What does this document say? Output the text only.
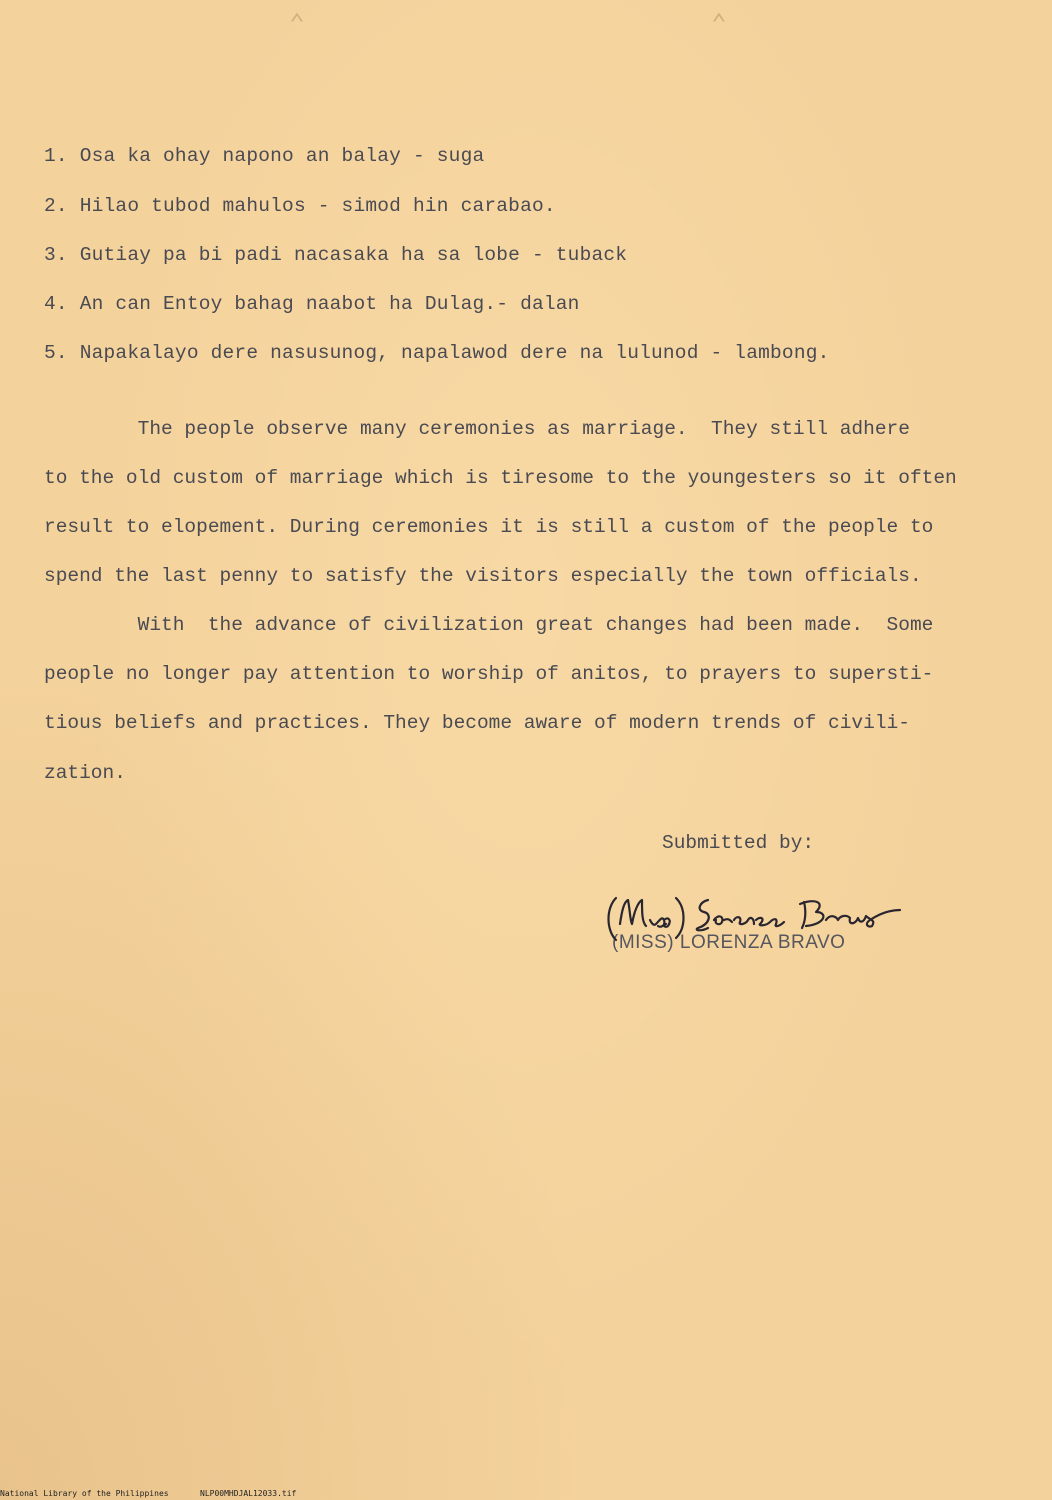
⌃	⌃
1. Osa ka ohay napono an balay - suga
2. Hilao tubod mahulos - simod hin carabao.
3. Gutiay pa bi padi nacasaka ha sa lobe - tuback
4. An can Entoy bahag naabot ha Dulag.- dalan
5. Napakalayo dere nasusunog, napalawod dere na lulunod - lambong.
The people observe many ceremonies as marriage.  They still adhere
to the old custom of marriage which is tiresome to the youngesters so it often
result to elopement. During ceremonies it is still a custom of the people to
spend the last penny to satisfy the visitors especially the town officials.
With  the advance of civilization great changes had been made.  Some
people no longer pay attention to worship of anitos, to prayers to supersti-
tious beliefs and practices. They become aware of modern trends of civili-
zation.
Submitted by:
(MISS) LORENZA BRAVO
National Library of the Philippines	NLP00MHDJAL12033.tif
